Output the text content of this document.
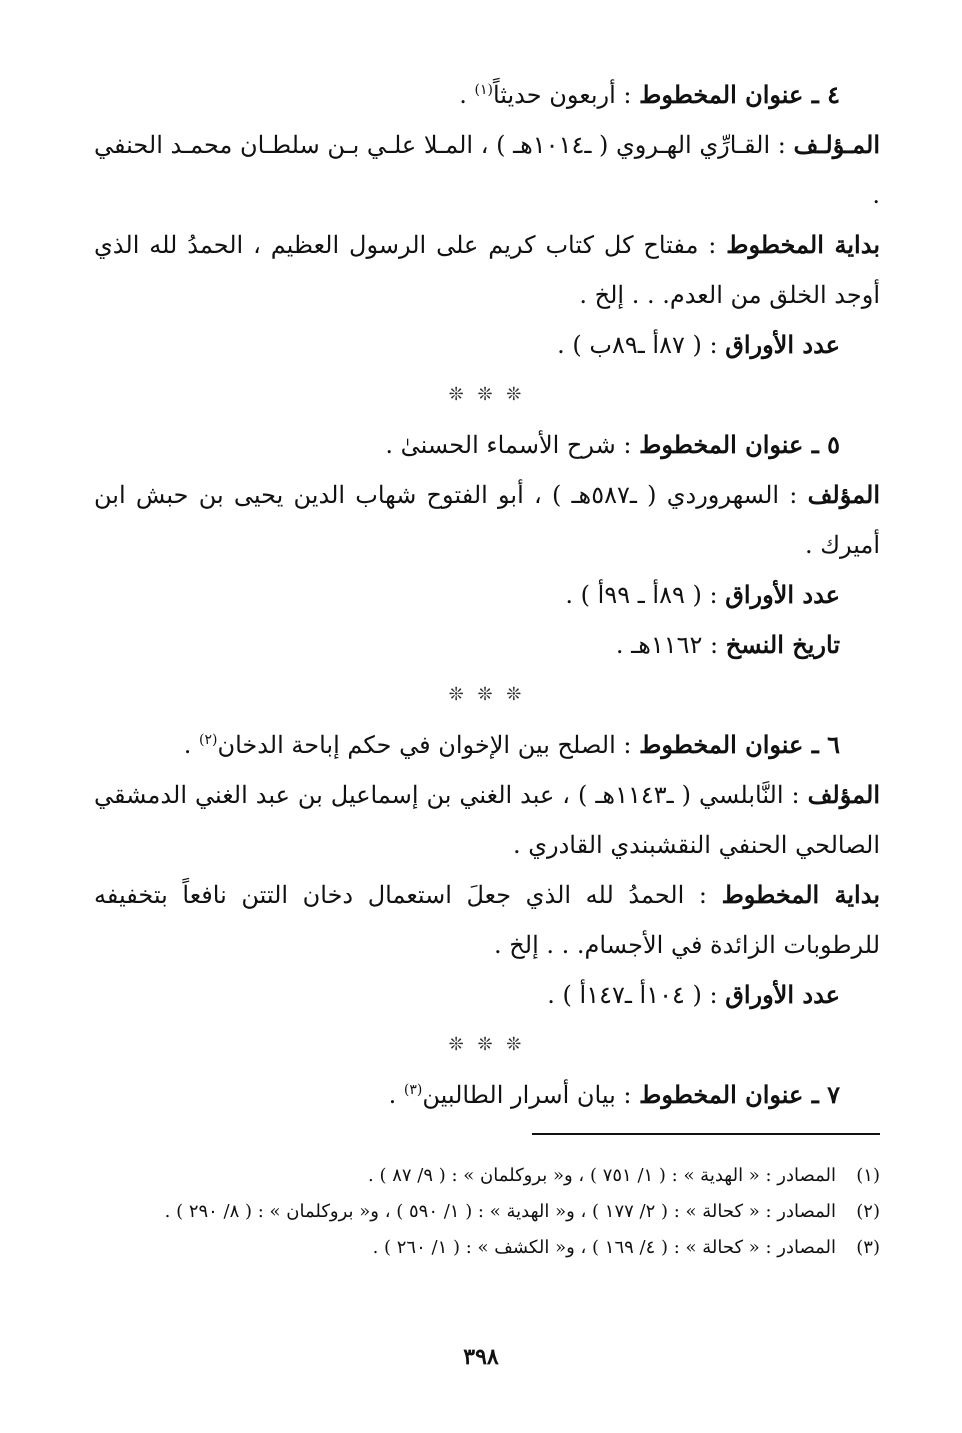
٤ ـ عنوان المخطوط : أربعون حديثاً$^{(١)}$ .
المـؤلـف : القـارِّي الهـروي ( ـ١٠١٤هـ ) ، المـلا علـي بـن سلطـان محمـد الحنفي .
بداية المخطوط : مفتاح كل كتاب كريم على الرسول العظيم ، الحمدُ لله الذي أوجد الخلق من العدم. . . إلخ .
عدد الأوراق : ( ٨٧أ ـ٨٩ب ) .
❊ ❊ ❊
٥ ـ عنوان المخطوط : شرح الأسماء الحسنىٰ .
المؤلف : السهروردي ( ـ٥٨٧هـ ) ، أبو الفتوح شهاب الدين يحيى بن حبش ابن أميرك .
عدد الأوراق : ( ٨٩أ ـ ٩٩أ ) .
تاريخ النسخ : ١١٦٢هـ .
❊ ❊ ❊
٦ ـ عنوان المخطوط : الصلح بين الإخوان في حكم إباحة الدخان$^{(٢)}$ .
المؤلف : النَّابلسي ( ـ١١٤٣هـ ) ، عبد الغني بن إسماعيل بن عبد الغني الدمشقي الصالحي الحنفي النقشبندي القادري .
بداية المخطوط : الحمدُ لله الذي جعلَ استعمال دخان التتن نافعاً بتخفيفه للرطوبات الزائدة في الأجسام. . . إلخ .
عدد الأوراق : ( ١٠٤أ ـ١٤٧أ ) .
❊ ❊ ❊
٧ ـ عنوان المخطوط : بيان أسرار الطالبين$^{(٣)}$ .
(١)
المصادر : « الهدية » : ( ١/ ٧٥١ ) ، و« بروكلمان » : ( ٩/ ٨٧ ) .
(٢)
المصادر : « كحالة » : ( ٢/ ١٧٧ ) ، و« الهدية » : ( ١/ ٥٩٠ ) ، و« بروكلمان » : ( ٨/ ٢٩٠ ) .
(٣)
المصادر : « كحالة » : ( ٤/ ١٦٩ ) ، و« الكشف » : ( ١/ ٢٦٠ ) .
٣٩٨
